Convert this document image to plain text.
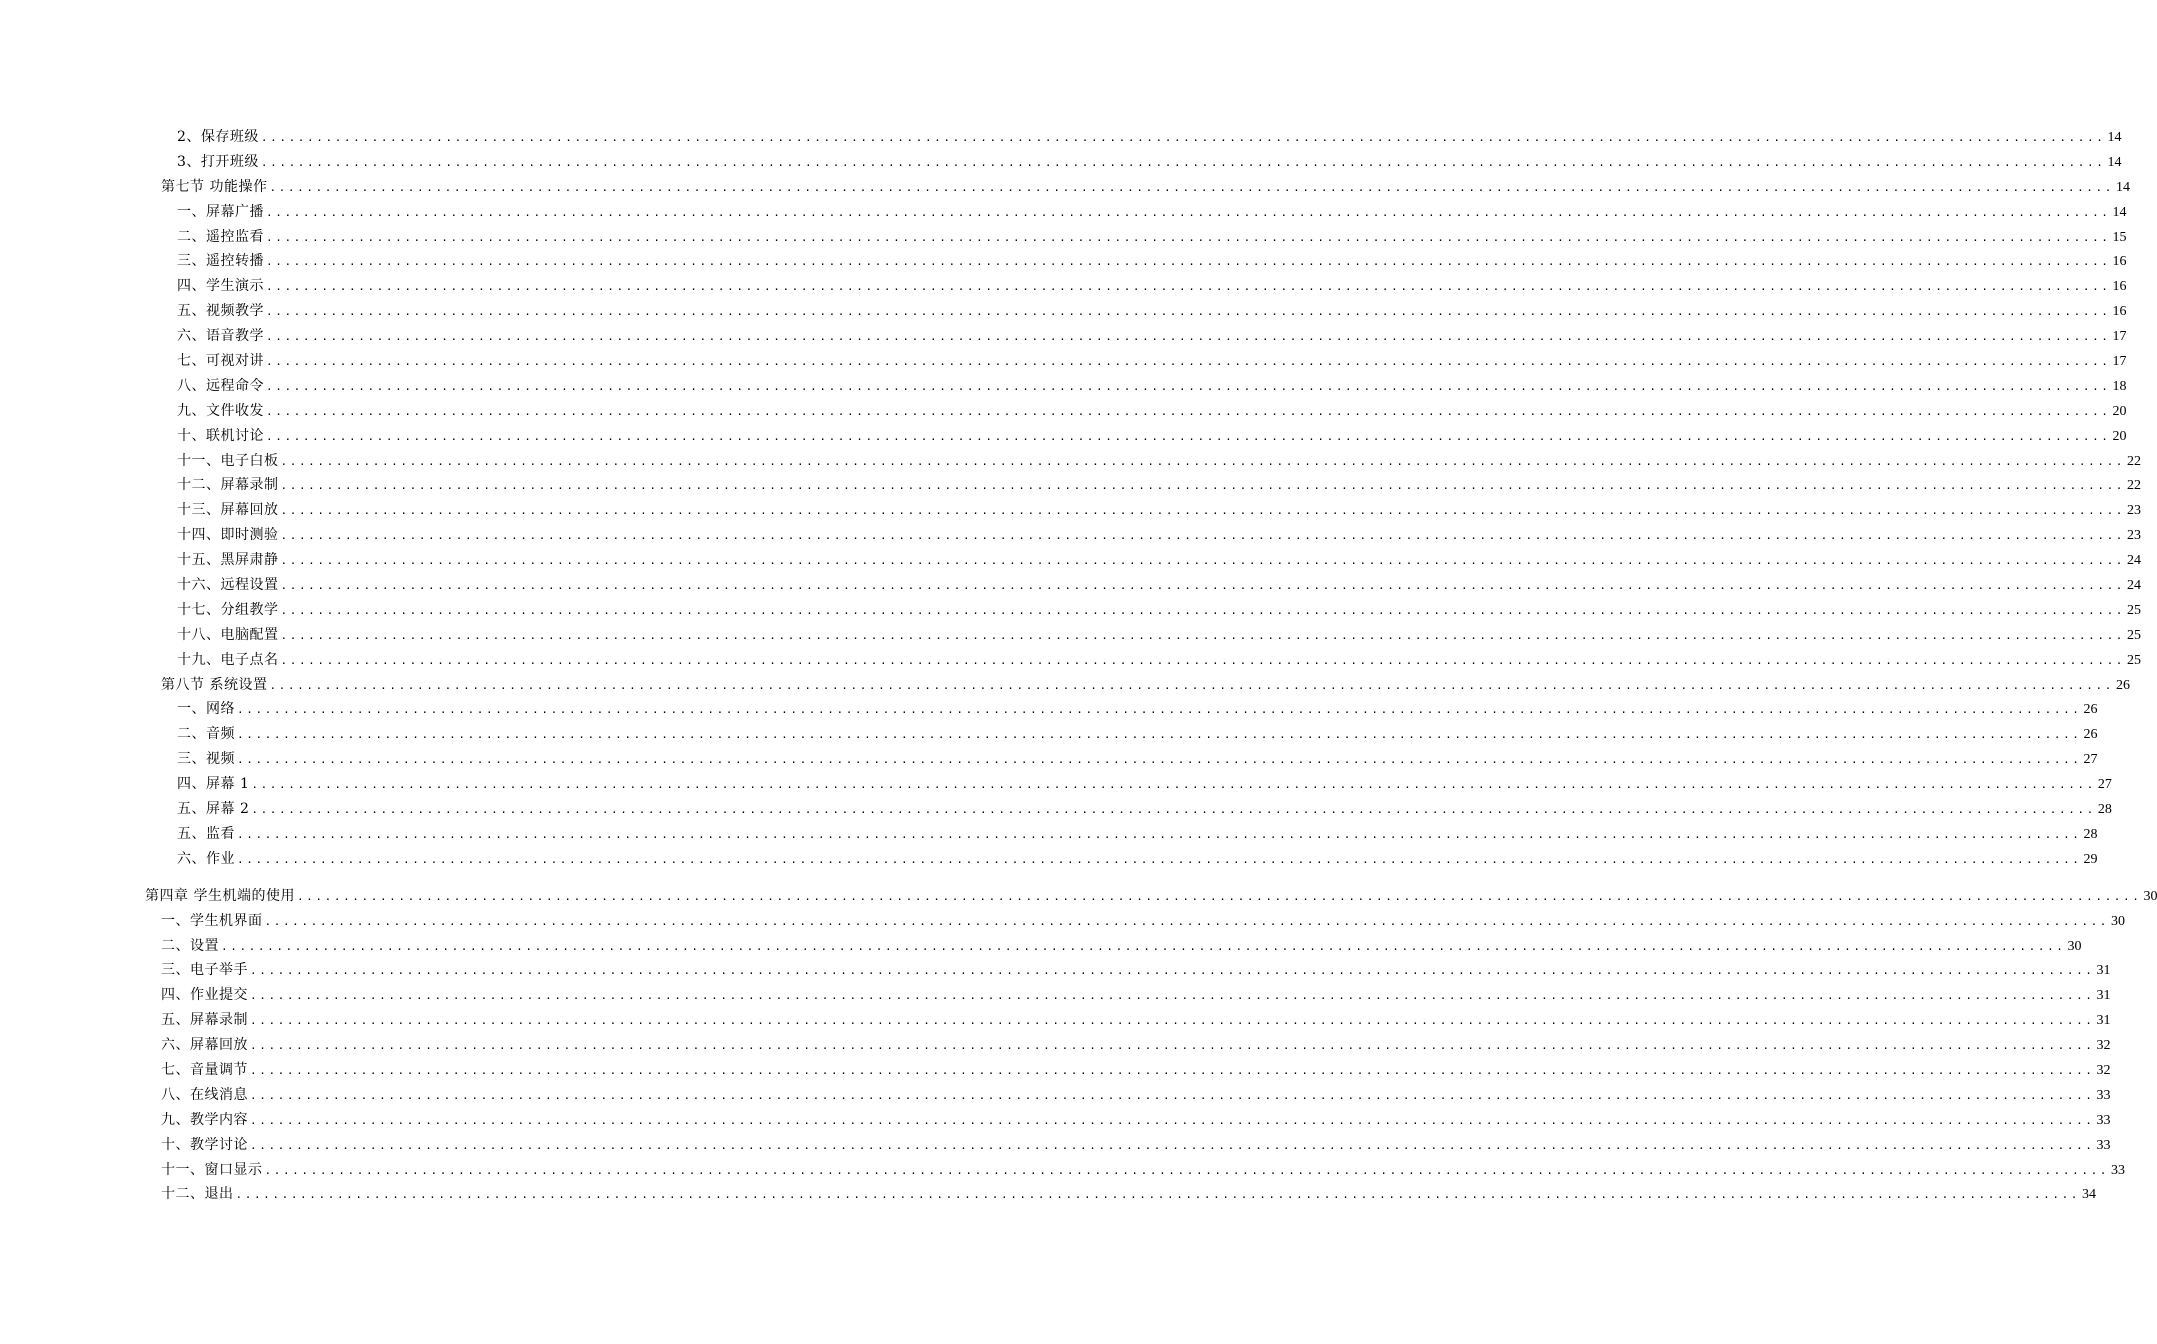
2、保存班级 ........................................................................................................................................................................................................ 14
3、打开班级 ........................................................................................................................................................................................................ 14
第七节 功能操作 ........................................................................................................................................................................................................ 14
一、屏幕广播 ........................................................................................................................................................................................................ 14
二、遥控监看 ........................................................................................................................................................................................................ 15
三、遥控转播 ........................................................................................................................................................................................................ 16
四、学生演示 ........................................................................................................................................................................................................ 16
五、视频教学 ........................................................................................................................................................................................................ 16
六、语音教学 ........................................................................................................................................................................................................ 17
七、可视对讲 ........................................................................................................................................................................................................ 17
八、远程命令 ........................................................................................................................................................................................................ 18
九、文件收发 ........................................................................................................................................................................................................ 20
十、联机讨论 ........................................................................................................................................................................................................ 20
十一、电子白板 ........................................................................................................................................................................................................ 22
十二、屏幕录制 ........................................................................................................................................................................................................ 22
十三、屏幕回放 ........................................................................................................................................................................................................ 23
十四、即时测验 ........................................................................................................................................................................................................ 23
十五、黑屏肃静 ........................................................................................................................................................................................................ 24
十六、远程设置 ........................................................................................................................................................................................................ 24
十七、分组教学 ........................................................................................................................................................................................................ 25
十八、电脑配置 ........................................................................................................................................................................................................ 25
十九、电子点名 ........................................................................................................................................................................................................ 25
第八节 系统设置 ........................................................................................................................................................................................................ 26
一、网络 ........................................................................................................................................................................................................ 26
二、音频 ........................................................................................................................................................................................................ 26
三、视频 ........................................................................................................................................................................................................ 27
四、屏幕 1 ........................................................................................................................................................................................................ 27
五、屏幕 2 ........................................................................................................................................................................................................ 28
五、监看 ........................................................................................................................................................................................................ 28
六、作业 ........................................................................................................................................................................................................ 29
第四章 学生机端的使用 ........................................................................................................................................................................................................ 30
一、学生机界面 ........................................................................................................................................................................................................ 30
二、设置 ........................................................................................................................................................................................................ 30
三、电子举手 ........................................................................................................................................................................................................ 31
四、作业提交 ........................................................................................................................................................................................................ 31
五、屏幕录制 ........................................................................................................................................................................................................ 31
六、屏幕回放 ........................................................................................................................................................................................................ 32
七、音量调节 ........................................................................................................................................................................................................ 32
八、在线消息 ........................................................................................................................................................................................................ 33
九、教学内容 ........................................................................................................................................................................................................ 33
十、教学讨论 ........................................................................................................................................................................................................ 33
十一、窗口显示 ........................................................................................................................................................................................................ 33
十二、退出 ........................................................................................................................................................................................................ 34
